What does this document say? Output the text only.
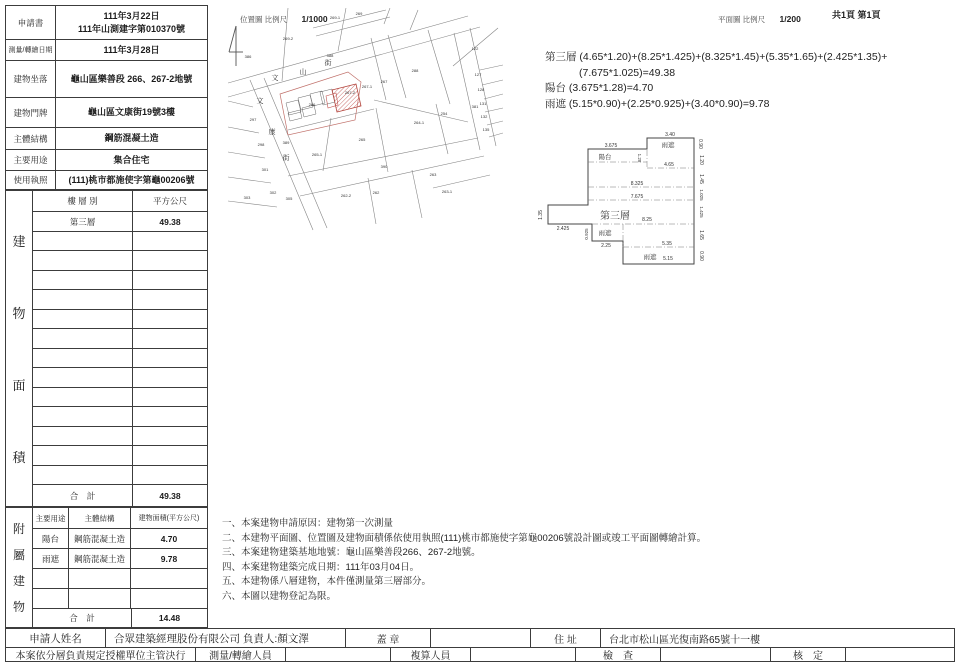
位置圖 比例尺 1/1000	平面圖 比例尺 1/200	共1頁 第1頁
申請書
111年3月22日
111年山測建字第010370號
測量/轉繪日期	111年3月28日
建物坐落	龜山區樂善段 266、267-2地號
建物門牌	龜山區文康街19號3樓
主體結構	鋼筋混凝土造
主要用途	集合住宅
使用執照	(111)桃市都施使字第龜00206號
建
物
面
積
樓 層 別	平方公尺
第三層	49.38
合　計	49.38
附
屬
建
物
主要用途	主體結構	建物面積(平方公尺)
陽台	鋼筋混凝土造	4.70
雨遮	鋼筋混凝土造	9.78
合　計	14.48
386
269-2
269-1
269
388
122
127
128
131
132
135
381
288
267
267-1
267-2
266
254
264-1
265
265-1
390
263
263-1
262
262-2
297
298	389
301
302
303	305
文
山
街
文
康
街
第三層 (4.65*1.20)+(8.25*1.425)+(8.325*1.45)+(5.35*1.65)+(2.425*1.35)+
(7.675*1.025)=49.38
陽台 (3.675*1.28)=4.70
雨遮 (5.15*0.90)+(2.25*0.925)+(3.40*0.90)=9.78
3.40
雨遮	0.90
3.675
陽台	1.28
4.65
1.20
1.45
8.325
1.025
7.675
1.425
第三層 8.25
1.35
2.425	0.925 雨遮
2.25
1.65
5.35
雨遮 5.15	0.90
一、本案建物申請原因：建物第一次測量
二、本建物平面圖、位置圖及建物面積係依使用執照(111)桃市都施使字第龜00206號設計圖或竣工平面圖轉繪計算。
三、本案建物建築基地地號：龜山區樂善段266、267-2地號。
四、本案建物建築完成日期：111年03月04日。
五、本建物係八層建物，本件僅測量第三層部分。
六、本圖以建物登記為限。
申請人姓名	合眾建築經理股份有限公司 負責人:顏文澤	蓋 章	住 址	台北市松山區光復南路65號十一樓
本案依分層負責規定授權單位主管決行	測量/轉繪人員	複算人員	檢　查	核　定
